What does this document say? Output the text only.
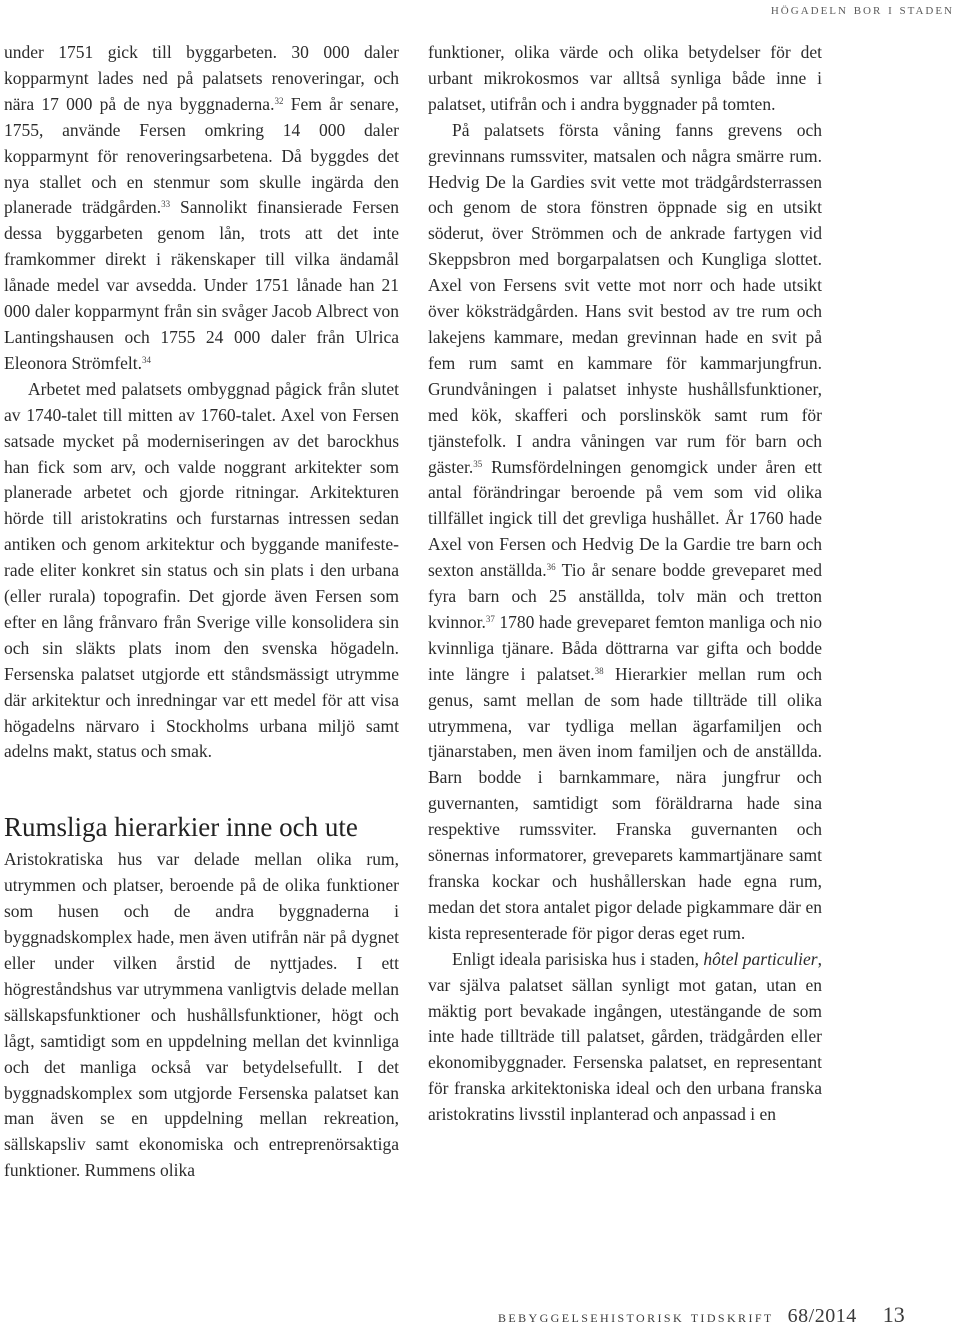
högadeln bor i staden

under 1751 gick till byggarbeten. 30 000 daler kopparmynt lades ned på palatsets renoveringar, och nära 17 000 på de nya byggnaderna.$^{32}$ Fem år senare, 1755, använde Fersen omkring 14 000 daler kopparmynt för renoveringsarbetena. Då byggdes det nya stallet och en stenmur som skulle ingärda den planerade trädgården.$^{33}$ Sannolikt finansierade Fersen dessa byggarbeten genom lån, trots att det inte framkommer direkt i räkenskaper till vilka ändamål lånade medel var avsedda. Under 1751 lånade han 21 000 daler kopparmynt från sin svåger Jacob Albrect von Lantingshausen och 1755 24 000 daler från Ulrica Eleonora Strömfelt.$^{34}$

Arbetet med palatsets ombyggnad pågick från slutet av 1740-talet till mitten av 1760-talet. Axel von Fersen satsade mycket på moderniseringen av det barockhus han fick som arv, och valde noggrant arkitekter som planerade arbetet och gjorde ritningar. Arkitekturen hörde till aristokratins och furstarnas intressen sedan antiken och genom arkitektur och byggande manifesterade eliter konkret sin status och sin plats i den urbana (eller rurala) topografin. Det gjorde även Fersen som efter en lång frånvaro från Sverige ville konsolidera sin och sin släkts plats inom den svenska högadeln. Fersenska palatset utgjorde ett ståndsmässigt utrymme där arkitektur och inredningar var ett medel för att visa högadelns närvaro i Stockholms urbana miljö samt adelns makt, status och smak.

Rumsliga hierarkier inne och ute

Aristokratiska hus var delade mellan olika rum, utrymmen och platser, beroende på de olika funktioner som husen och de andra byggnaderna i byggnadskomplex hade, men även utifrån när på dygnet eller under vilken årstid de nyttjades. I ett högreståndshus var utrymmena vanligtvis delade mellan sällskapsfunktioner och hushållsfunktioner, högt och lågt, samtidigt som en uppdelning mellan det kvinnliga och det manliga också var betydelsefullt. I det byggnadskomplex som utgjorde Fersenska palatset kan man även se en uppdelning mellan rekreation, sällskapsliv samt ekonomiska och entreprenörsaktiga funktioner. Rummens olika

funktioner, olika värde och olika betydelser för det urbant mikrokosmos var alltså synliga både inne i palatset, utifrån och i andra byggnader på tomten.

På palatsets första våning fanns grevens och grevinnans rumssviter, matsalen och några smärre rum. Hedvig De la Gardies svit vette mot trädgårdsterrassen och genom de stora fönstren öppnade sig en utsikt söderut, över Strömmen och de ankrade fartygen vid Skeppsbron med borgarpalatsen och Kungliga slottet. Axel von Fersens svit vette mot norr och hade utsikt över köksträdgården. Hans svit bestod av tre rum och lakejens kammare, medan grevinnan hade en svit på fem rum samt en kammare för kammarjungfrun. Grundvåningen i palatset inhyste hushållsfunktioner, med kök, skafferi och porslinskök samt rum för tjänstefolk. I andra våningen var rum för barn och gäster.$^{35}$ Rumsfördelningen genomgick under åren ett antal förändringar beroende på vem som vid olika tillfället ingick till det grevliga hushållet. År 1760 hade Axel von Fersen och Hedvig De la Gardie tre barn och sexton anställda.$^{36}$ Tio år senare bodde greveparet med fyra barn och 25 anställda, tolv män och tretton kvinnor.$^{37}$ 1780 hade greveparet femton manliga och nio kvinnliga tjänare. Båda döttrarna var gifta och bodde inte längre i palatset.$^{38}$ Hierarkier mellan rum och genus, samt mellan de som hade tillträde till olika utrymmena, var tydliga mellan ägarfamiljen och tjänarstaben, men även inom familjen och de anställda. Barn bodde i barnkammare, nära jungfrur och guvernanten, samtidigt som föräldrarna hade sina respektive rumssviter. Franska guvernanten och sönernas informatorer, greveparets kammartjänare samt franska kockar och hushållerskan hade egna rum, medan det stora antalet pigor delade pigkammare där en kista representerade för pigor deras eget rum.

Enligt ideala parisiska hus i staden, hôtel particulier, var själva palatset sällan synligt mot gatan, utan en mäktig port bevakade ingången, utestängande de som inte hade tillträde till palatset, gården, trädgården eller ekonomibyggnader. Fersenska palatset, en representant för franska arkitektoniska ideal och den urbana franska aristokratins livsstil inplanterad och anpassad i en

bebyggelsehistorisk tidskrift 68/2014 13
